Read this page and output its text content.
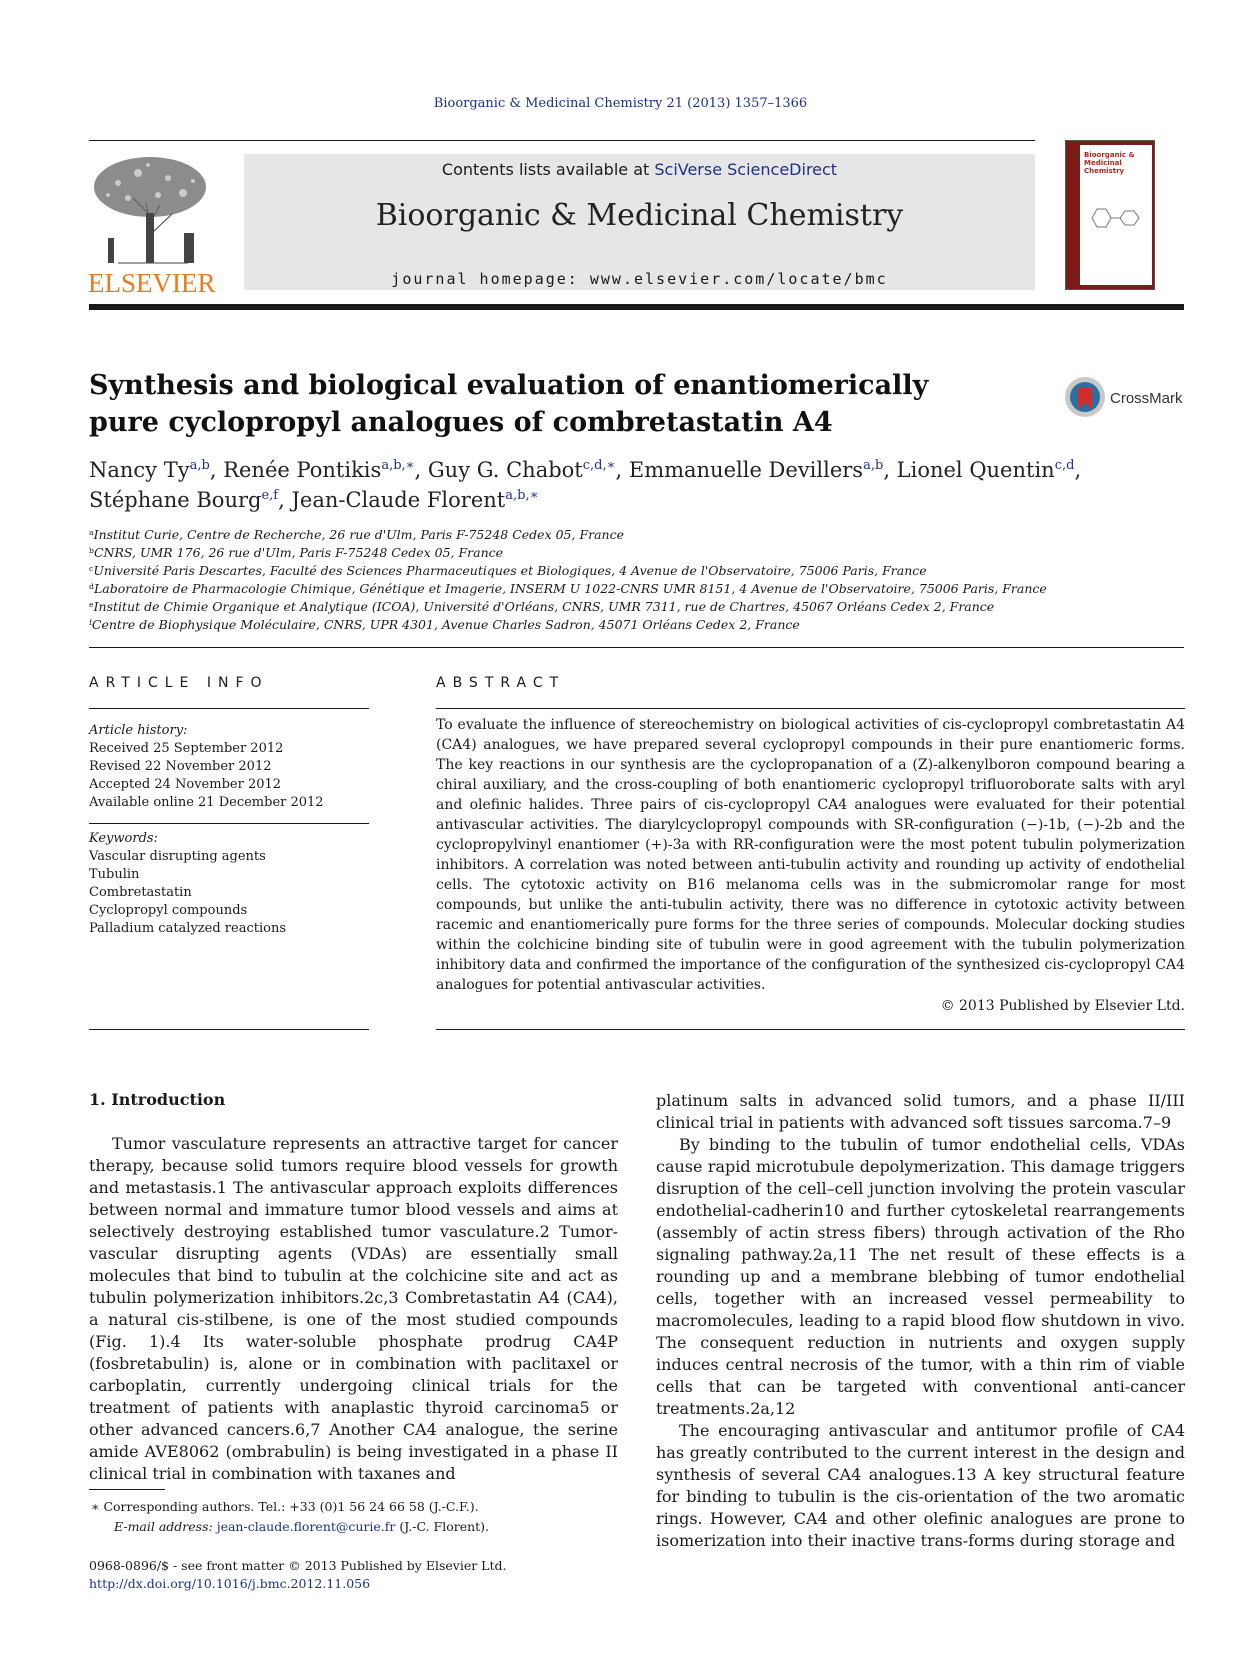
Bioorganic & Medicinal Chemistry 21 (2013) 1357–1366
ELSEVIER
Contents lists available at SciVerse ScienceDirect
Bioorganic & Medicinal Chemistry
journal homepage: www.elsevier.com/locate/bmc
Bioorganic & Medicinal Chemistry
Synthesis and biological evaluation of enantiomerically pure cyclopropyl analogues of combretastatin A4
CrossMark
Nancy Ty$^{a,b}$, Renée Pontikis$^{a,b,∗}$, Guy G. Chabot$^{c,d,∗}$, Emmanuelle Devillers$^{a,b}$, Lionel Quentin$^{c,d}$,
Stéphane Bourg$^{e,f}$, Jean-Claude Florent$^{a,b,∗}$
$^a$Institut Curie, Centre de Recherche, 26 rue d'Ulm, Paris F-75248 Cedex 05, France
$^b$CNRS, UMR 176, 26 rue d'Ulm, Paris F-75248 Cedex 05, France
$^c$Université Paris Descartes, Faculté des Sciences Pharmaceutiques et Biologiques, 4 Avenue de l'Observatoire, 75006 Paris, France
$^d$Laboratoire de Pharmacologie Chimique, Génétique et Imagerie, INSERM U 1022-CNRS UMR 8151, 4 Avenue de l'Observatoire, 75006 Paris, France
$^e$Institut de Chimie Organique et Analytique (ICOA), Université d'Orléans, CNRS, UMR 7311, rue de Chartres, 45067 Orléans Cedex 2, France
$^f$Centre de Biophysique Moléculaire, CNRS, UPR 4301, Avenue Charles Sadron, 45071 Orléans Cedex 2, France
ARTICLE INFO
Article history:
Received 25 September 2012
Revised 22 November 2012
Accepted 24 November 2012
Available online 21 December 2012
Keywords:
Vascular disrupting agents
Tubulin
Combretastatin
Cyclopropyl compounds
Palladium catalyzed reactions
ABSTRACT
To evaluate the influence of stereochemistry on biological activities of cis-cyclopropyl combretastatin A4 (CA4) analogues, we have prepared several cyclopropyl compounds in their pure enantiomeric forms. The key reactions in our synthesis are the cyclopropanation of a (Z)-alkenylboron compound bearing a chiral auxiliary, and the cross-coupling of both enantiomeric cyclopropyl trifluoroborate salts with aryl and olefinic halides. Three pairs of cis-cyclopropyl CA4 analogues were evaluated for their potential antivascular activities. The diarylcyclopropyl compounds with SR-configuration (−)-1b, (−)-2b and the cyclopropylvinyl enantiomer (+)-3a with RR-configuration were the most potent tubulin polymerization inhibitors. A correlation was noted between anti-tubulin activity and rounding up activity of endothelial cells. The cytotoxic activity on B16 melanoma cells was in the submicromolar range for most compounds, but unlike the anti-tubulin activity, there was no difference in cytotoxic activity between racemic and enantiomerically pure forms for the three series of compounds. Molecular docking studies within the colchicine binding site of tubulin were in good agreement with the tubulin polymerization inhibitory data and confirmed the importance of the configuration of the synthesized cis-cyclopropyl CA4 analogues for potential antivascular activities.
© 2013 Published by Elsevier Ltd.
1. Introduction

Tumor vasculature represents an attractive target for cancer therapy, because solid tumors require blood vessels for growth and metastasis.1 The antivascular approach exploits differences between normal and immature tumor blood vessels and aims at selectively destroying established tumor vasculature.2 Tumor-vascular disrupting agents (VDAs) are essentially small molecules that bind to tubulin at the colchicine site and act as tubulin polymerization inhibitors.2c,3 Combretastatin A4 (CA4), a natural cis-stilbene, is one of the most studied compounds (Fig. 1).4 Its water-soluble phosphate prodrug CA4P (fosbretabulin) is, alone or in combination with paclitaxel or carboplatin, currently undergoing clinical trials for the treatment of patients with anaplastic thyroid carcinoma5 or other advanced cancers.6,7 Another CA4 analogue, the serine amide AVE8062 (ombrabulin) is being investigated in a phase II clinical trial in combination with taxanes and

platinum salts in advanced solid tumors, and a phase II/III clinical trial in patients with advanced soft tissues sarcoma.7–9

By binding to the tubulin of tumor endothelial cells, VDAs cause rapid microtubule depolymerization. This damage triggers disruption of the cell–cell junction involving the protein vascular endothelial-cadherin10 and further cytoskeletal rearrangements (assembly of actin stress fibers) through activation of the Rho signaling pathway.2a,11 The net result of these effects is a rounding up and a membrane blebbing of tumor endothelial cells, together with an increased vessel permeability to macromolecules, leading to a rapid blood flow shutdown in vivo. The consequent reduction in nutrients and oxygen supply induces central necrosis of the tumor, with a thin rim of viable cells that can be targeted with conventional anti-cancer treatments.2a,12

The encouraging antivascular and antitumor profile of CA4 has greatly contributed to the current interest in the design and synthesis of several CA4 analogues.13 A key structural feature for binding to tubulin is the cis-orientation of the two aromatic rings. However, CA4 and other olefinic analogues are prone to isomerization into their inactive trans-forms during storage and

∗ Corresponding authors. Tel.: +33 (0)1 56 24 66 58 (J.-C.F.).
E-mail address: jean-claude.florent@curie.fr (J.-C. Florent).
0968-0896/$ - see front matter © 2013 Published by Elsevier Ltd.
http://dx.doi.org/10.1016/j.bmc.2012.11.056
